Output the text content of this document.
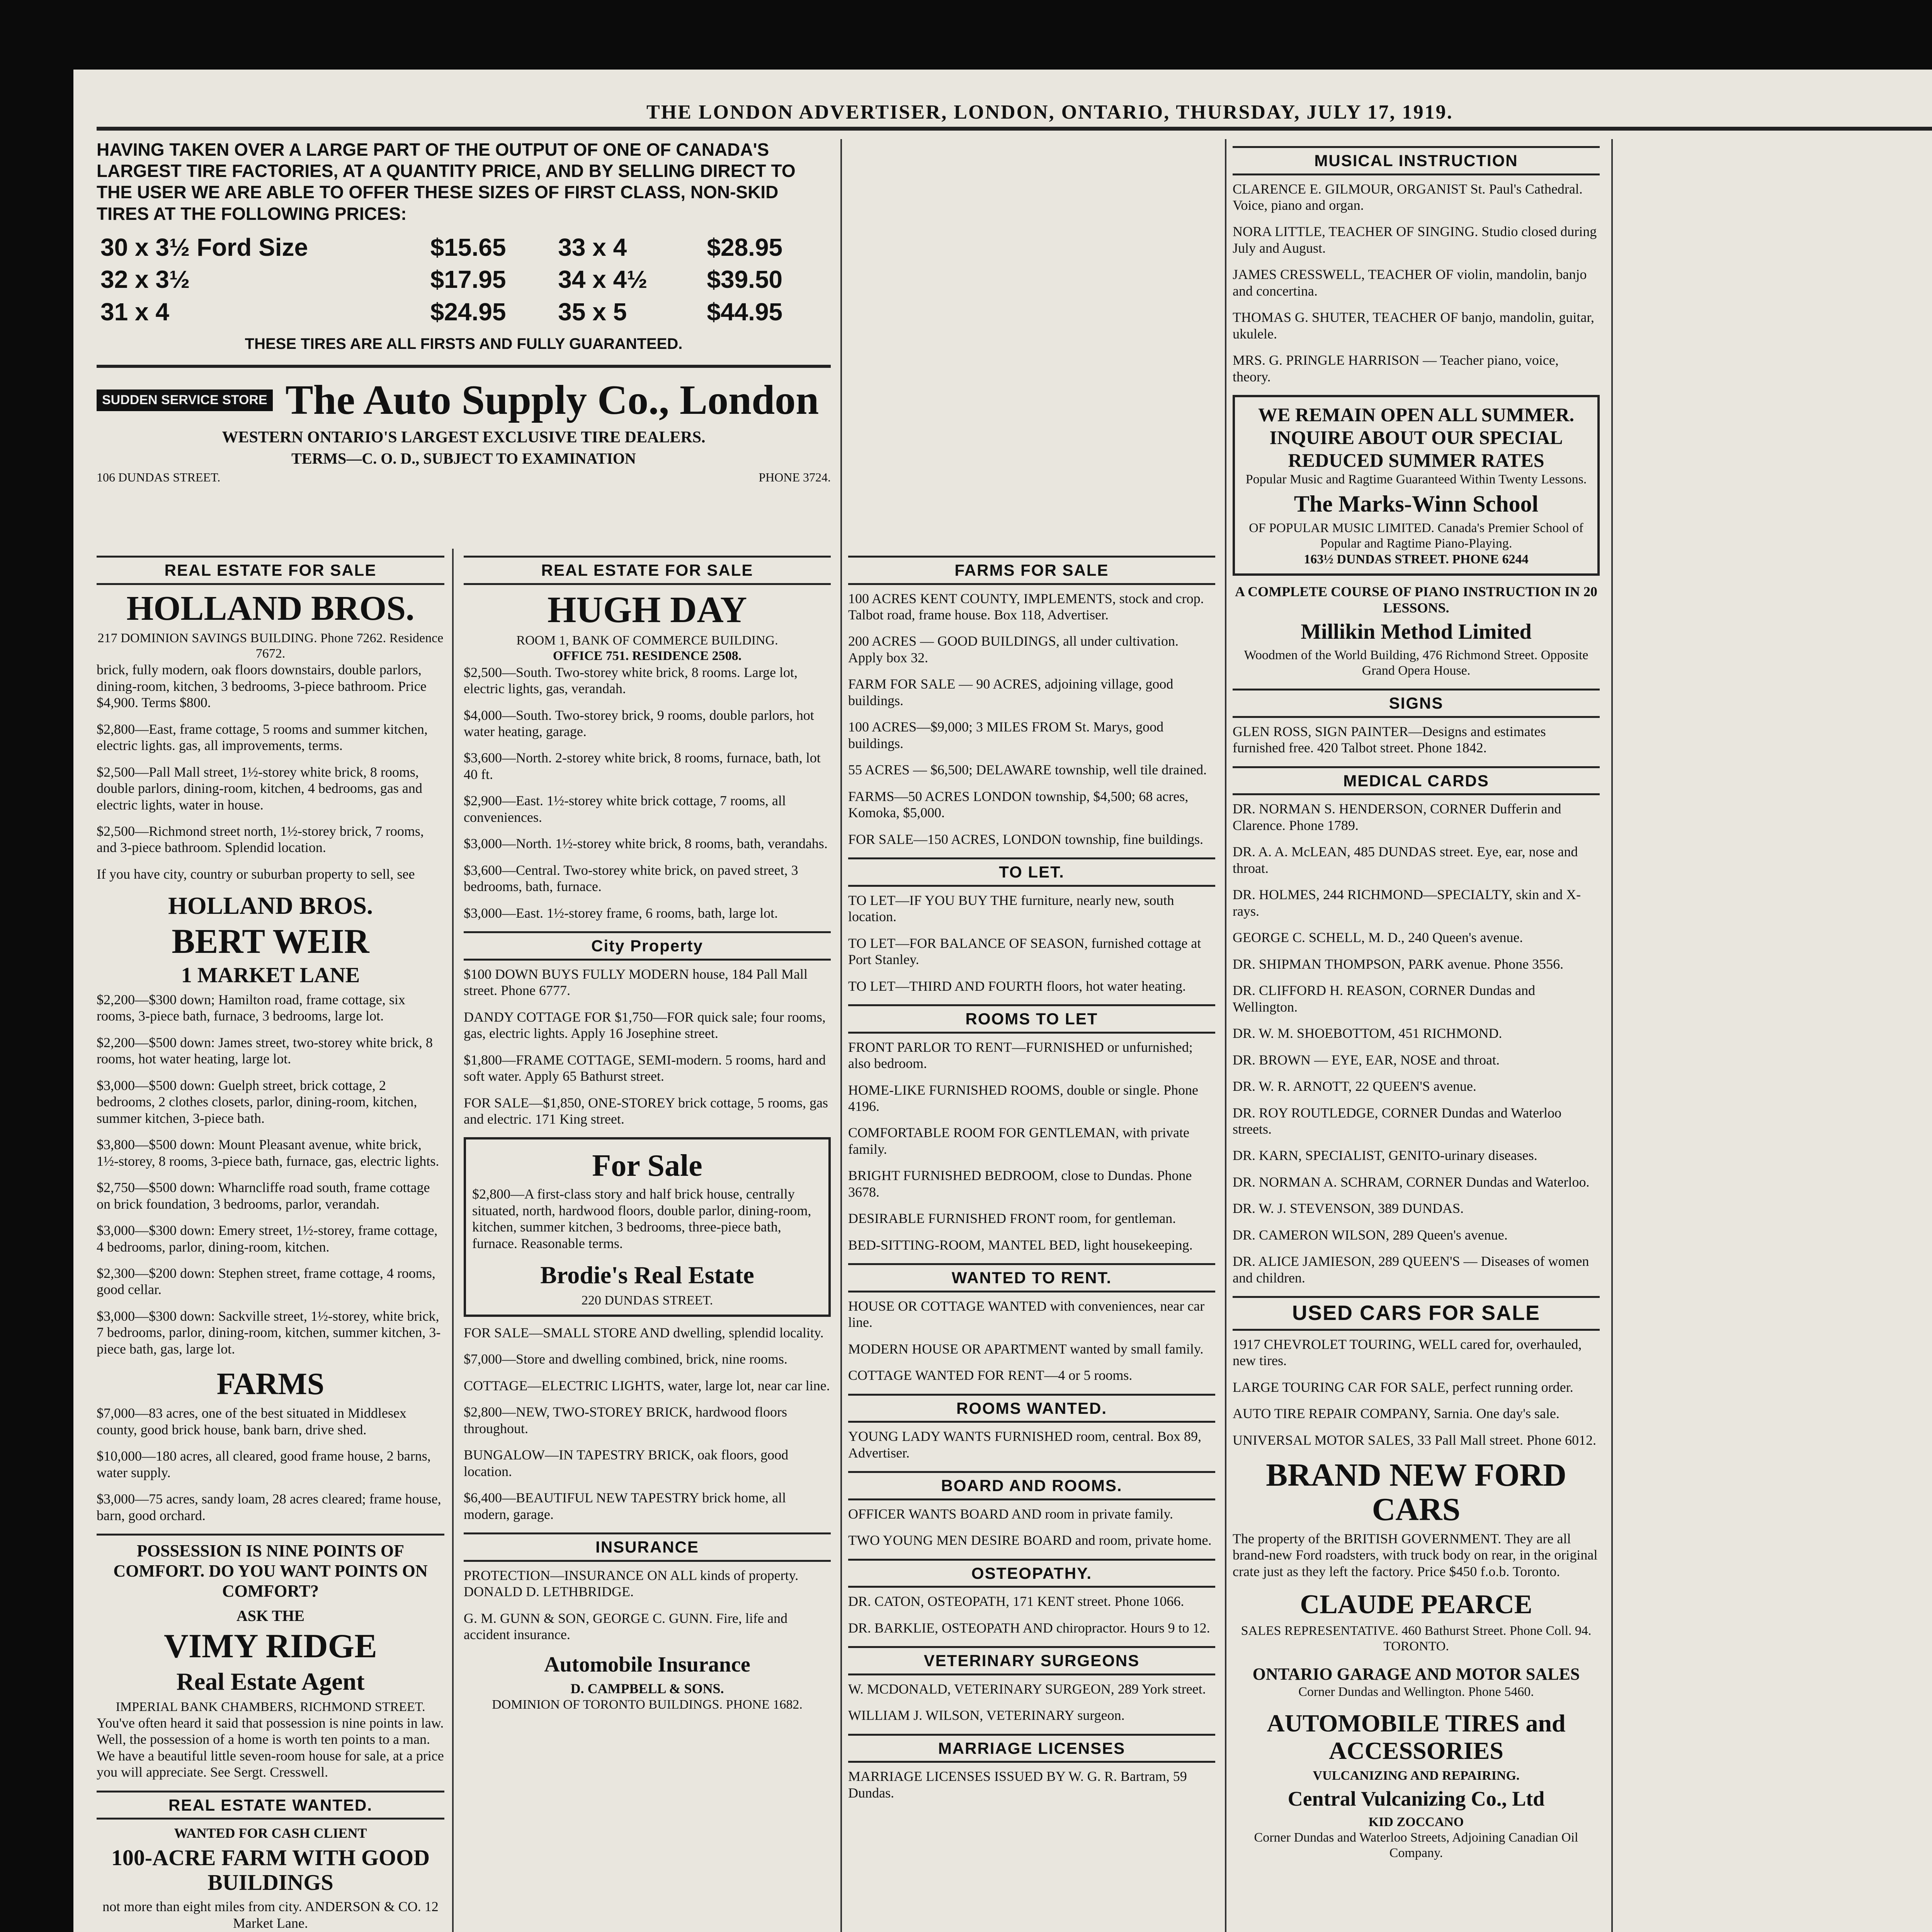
THE LONDON ADVERTISER, LONDON, ONTARIO, THURSDAY, JULY 17, 1919.
HAVING TAKEN OVER A LARGE PART OF THE OUTPUT OF ONE OF CANADA'S LARGEST TIRE FACTORIES, AT A QUANTITY PRICE, AND BY SELLING DIRECT TO THE USER WE ARE ABLE TO OFFER THESE SIZES OF FIRST CLASS, NON-SKID TIRES AT THE FOLLOWING PRICES:
30 x 3½ Ford Size	$15.65	33 x 4	$28.95
32 x 3½	$17.95	34 x 4½	$39.50
31 x 4	$24.95	35 x 5	$44.95
THESE TIRES ARE ALL FIRSTS AND FULLY GUARANTEED.
SUDDEN SERVICE STORE The Auto Supply Co., London
WESTERN ONTARIO'S LARGEST EXCLUSIVE TIRE DEALERS.
TERMS—C. O. D., SUBJECT TO EXAMINATION
106 DUNDAS STREET.	PHONE 3724.
REAL ESTATE FOR SALE
HOLLAND BROS.
217 DOMINION SAVINGS BUILDING. Phone 7262. Residence 7672.
brick, fully modern, oak floors downstairs, double parlors, dining-room, kitchen, 3 bedrooms, 3-piece bathroom. Price $4,900. Terms $800.
$2,800—East, frame cottage, 5 rooms and summer kitchen, electric lights. gas, all improvements, terms.
$2,500—Pall Mall street, 1½-storey white brick, 8 rooms, double parlors, dining-room, kitchen, 4 bedrooms, gas and electric lights, water in house.
$2,500—Richmond street north, 1½-storey brick, 7 rooms, and 3-piece bathroom. Splendid location.
If you have city, country or suburban property to sell, see
HOLLAND BROS.
BERT WEIR
1 MARKET LANE
$2,200—$300 down; Hamilton road, frame cottage, six rooms, 3-piece bath, furnace, 3 bedrooms, large lot.
$2,200—$500 down: James street, two-storey white brick, 8 rooms, hot water heating, large lot.
$3,000—$500 down: Guelph street, brick cottage, 2 bedrooms, 2 clothes closets, parlor, dining-room, kitchen, summer kitchen, 3-piece bath.
$3,800—$500 down: Mount Pleasant avenue, white brick, 1½-storey, 8 rooms, 3-piece bath, furnace, gas, electric lights.
$2,750—$500 down: Wharncliffe road south, frame cottage on brick foundation, 3 bedrooms, parlor, verandah.
$3,000—$300 down: Emery street, 1½-storey, frame cottage, 4 bedrooms, parlor, dining-room, kitchen.
$2,300—$200 down: Stephen street, frame cottage, 4 rooms, good cellar.
$3,000—$300 down: Sackville street, 1½-storey, white brick, 7 bedrooms, parlor, dining-room, kitchen, summer kitchen, 3-piece bath, gas, large lot.
FARMS
$7,000—83 acres, one of the best situated in Middlesex county, good brick house, bank barn, drive shed.
$10,000—180 acres, all cleared, good frame house, 2 barns, water supply.
$3,000—75 acres, sandy loam, 28 acres cleared; frame house, barn, good orchard.
POSSESSION IS NINE POINTS OF COMFORT. DO YOU WANT POINTS ON COMFORT?
ASK THE
VIMY RIDGE
Real Estate Agent
IMPERIAL BANK CHAMBERS, RICHMOND STREET.
You've often heard it said that possession is nine points in law. Well, the possession of a home is worth ten points to a man. We have a beautiful little seven-room house for sale, at a price you will appreciate. See Sergt. Cresswell.
REAL ESTATE WANTED.
WANTED FOR CASH CLIENT
100-ACRE FARM WITH GOOD BUILDINGS
not more than eight miles from city. ANDERSON & CO. 12 Market Lane.
REAL ESTATE FOR SALE
HUGH DAY
ROOM 1, BANK OF COMMERCE BUILDING.
OFFICE 751. RESIDENCE 2508.
$2,500—South. Two-storey white brick, 8 rooms. Large lot, electric lights, gas, verandah.
$4,000—South. Two-storey brick, 9 rooms, double parlors, hot water heating, garage.
$3,600—North. 2-storey white brick, 8 rooms, furnace, bath, lot 40 ft.
$2,900—East. 1½-storey white brick cottage, 7 rooms, all conveniences.
$3,000—North. 1½-storey white brick, 8 rooms, bath, verandahs.
$3,600—Central. Two-storey white brick, on paved street, 3 bedrooms, bath, furnace.
$3,000—East. 1½-storey frame, 6 rooms, bath, large lot.
City Property
$100 DOWN BUYS FULLY MODERN house, 184 Pall Mall street. Phone 6777.
DANDY COTTAGE FOR $1,750—FOR quick sale; four rooms, gas, electric lights. Apply 16 Josephine street.
$1,800—FRAME COTTAGE, SEMI-modern. 5 rooms, hard and soft water. Apply 65 Bathurst street.
FOR SALE—$1,850, ONE-STOREY brick cottage, 5 rooms, gas and electric. 171 King street.
For Sale
$2,800—A first-class story and half brick house, centrally situated, north, hardwood floors, double parlor, dining-room, kitchen, summer kitchen, 3 bedrooms, three-piece bath, furnace. Reasonable terms.
Brodie's Real Estate
220 DUNDAS STREET.
FOR SALE—SMALL STORE AND dwelling, splendid locality.
$7,000—Store and dwelling combined, brick, nine rooms.
COTTAGE—ELECTRIC LIGHTS, water, large lot, near car line.
$2,800—NEW, TWO-STOREY BRICK, hardwood floors throughout.
BUNGALOW—IN TAPESTRY BRICK, oak floors, good location.
$6,400—BEAUTIFUL NEW TAPESTRY brick home, all modern, garage.
INSURANCE
PROTECTION—INSURANCE ON ALL kinds of property. DONALD D. LETHBRIDGE.
G. M. GUNN & SON, GEORGE C. GUNN. Fire, life and accident insurance.
Automobile Insurance
D. CAMPBELL & SONS.
DOMINION OF TORONTO BUILDINGS. PHONE 1682.
FARMS FOR SALE
100 ACRES KENT COUNTY, IMPLEMENTS, stock and crop. Talbot road, frame house. Box 118, Advertiser.
200 ACRES — GOOD BUILDINGS, all under cultivation. Apply box 32.
FARM FOR SALE — 90 ACRES, adjoining village, good buildings.
100 ACRES—$9,000; 3 MILES FROM St. Marys, good buildings.
55 ACRES — $6,500; DELAWARE township, well tile drained.
FARMS—50 ACRES LONDON township, $4,500; 68 acres, Komoka, $5,000.
FOR SALE—150 ACRES, LONDON township, fine buildings.
TO LET.
TO LET—IF YOU BUY THE furniture, nearly new, south location.
TO LET—FOR BALANCE OF SEASON, furnished cottage at Port Stanley.
TO LET—THIRD AND FOURTH floors, hot water heating.
ROOMS TO LET
FRONT PARLOR TO RENT—FURNISHED or unfurnished; also bedroom.
HOME-LIKE FURNISHED ROOMS, double or single. Phone 4196.
COMFORTABLE ROOM FOR GENTLEMAN, with private family.
BRIGHT FURNISHED BEDROOM, close to Dundas. Phone 3678.
DESIRABLE FURNISHED FRONT room, for gentleman.
BED-SITTING-ROOM, MANTEL BED, light housekeeping.
WANTED TO RENT.
HOUSE OR COTTAGE WANTED with conveniences, near car line.
MODERN HOUSE OR APARTMENT wanted by small family.
COTTAGE WANTED FOR RENT—4 or 5 rooms.
ROOMS WANTED.
YOUNG LADY WANTS FURNISHED room, central. Box 89, Advertiser.
BOARD AND ROOMS.
OFFICER WANTS BOARD AND room in private family.
TWO YOUNG MEN DESIRE BOARD and room, private home.
OSTEOPATHY.
DR. CATON, OSTEOPATH, 171 KENT street. Phone 1066.
DR. BARKLIE, OSTEOPATH AND chiropractor. Hours 9 to 12.
VETERINARY SURGEONS
W. MCDONALD, VETERINARY SURGEON, 289 York street.
WILLIAM J. WILSON, VETERINARY surgeon.
MARRIAGE LICENSES
MARRIAGE LICENSES ISSUED BY W. G. R. Bartram, 59 Dundas.
MUSICAL INSTRUCTION
CLARENCE E. GILMOUR, ORGANIST St. Paul's Cathedral. Voice, piano and organ.
NORA LITTLE, TEACHER OF SINGING. Studio closed during July and August.
JAMES CRESSWELL, TEACHER OF violin, mandolin, banjo and concertina.
THOMAS G. SHUTER, TEACHER OF banjo, mandolin, guitar, ukulele.
MRS. G. PRINGLE HARRISON — Teacher piano, voice, theory.
WE REMAIN OPEN ALL SUMMER. INQUIRE ABOUT OUR SPECIAL REDUCED SUMMER RATES
Popular Music and Ragtime Guaranteed Within Twenty Lessons.
The Marks-Winn School
OF POPULAR MUSIC LIMITED. Canada's Premier School of Popular and Ragtime Piano-Playing.
163½ DUNDAS STREET. PHONE 6244
A COMPLETE COURSE OF PIANO INSTRUCTION IN 20 LESSONS.
Millikin Method Limited
Woodmen of the World Building, 476 Richmond Street. Opposite Grand Opera House.
SIGNS
GLEN ROSS, SIGN PAINTER—Designs and estimates furnished free. 420 Talbot street. Phone 1842.
MEDICAL CARDS
DR. NORMAN S. HENDERSON, CORNER Dufferin and Clarence. Phone 1789.
DR. A. A. McLEAN, 485 DUNDAS street. Eye, ear, nose and throat.
DR. HOLMES, 244 RICHMOND—SPECIALTY, skin and X-rays.
GEORGE C. SCHELL, M. D., 240 Queen's avenue.
DR. SHIPMAN THOMPSON, PARK avenue. Phone 3556.
DR. CLIFFORD H. REASON, CORNER Dundas and Wellington.
DR. W. M. SHOEBOTTOM, 451 RICHMOND.
DR. BROWN — EYE, EAR, NOSE and throat.
DR. W. R. ARNOTT, 22 QUEEN'S avenue.
DR. ROY ROUTLEDGE, CORNER Dundas and Waterloo streets.
DR. KARN, SPECIALIST, GENITO-urinary diseases.
DR. NORMAN A. SCHRAM, CORNER Dundas and Waterloo.
DR. W. J. STEVENSON, 389 DUNDAS.
DR. CAMERON WILSON, 289 Queen's avenue.
DR. ALICE JAMIESON, 289 QUEEN'S — Diseases of women and children.
USED CARS FOR SALE
1917 CHEVROLET TOURING, WELL cared for, overhauled, new tires.
LARGE TOURING CAR FOR SALE, perfect running order.
AUTO TIRE REPAIR COMPANY, Sarnia. One day's sale.
UNIVERSAL MOTOR SALES, 33 Pall Mall street. Phone 6012.
BRAND NEW FORD CARS
The property of the BRITISH GOVERNMENT. They are all brand-new Ford roadsters, with truck body on rear, in the original crate just as they left the factory. Price $450 f.o.b. Toronto.
CLAUDE PEARCE
SALES REPRESENTATIVE. 460 Bathurst Street. Phone Coll. 94. TORONTO.
ONTARIO GARAGE AND MOTOR SALES
Corner Dundas and Wellington. Phone 5460.
AUTOMOBILE TIRES and ACCESSORIES
VULCANIZING AND REPAIRING.
Central Vulcanizing Co., Ltd
KID ZOCCANO
Corner Dundas and Waterloo Streets, Adjoining Canadian Oil Company.
